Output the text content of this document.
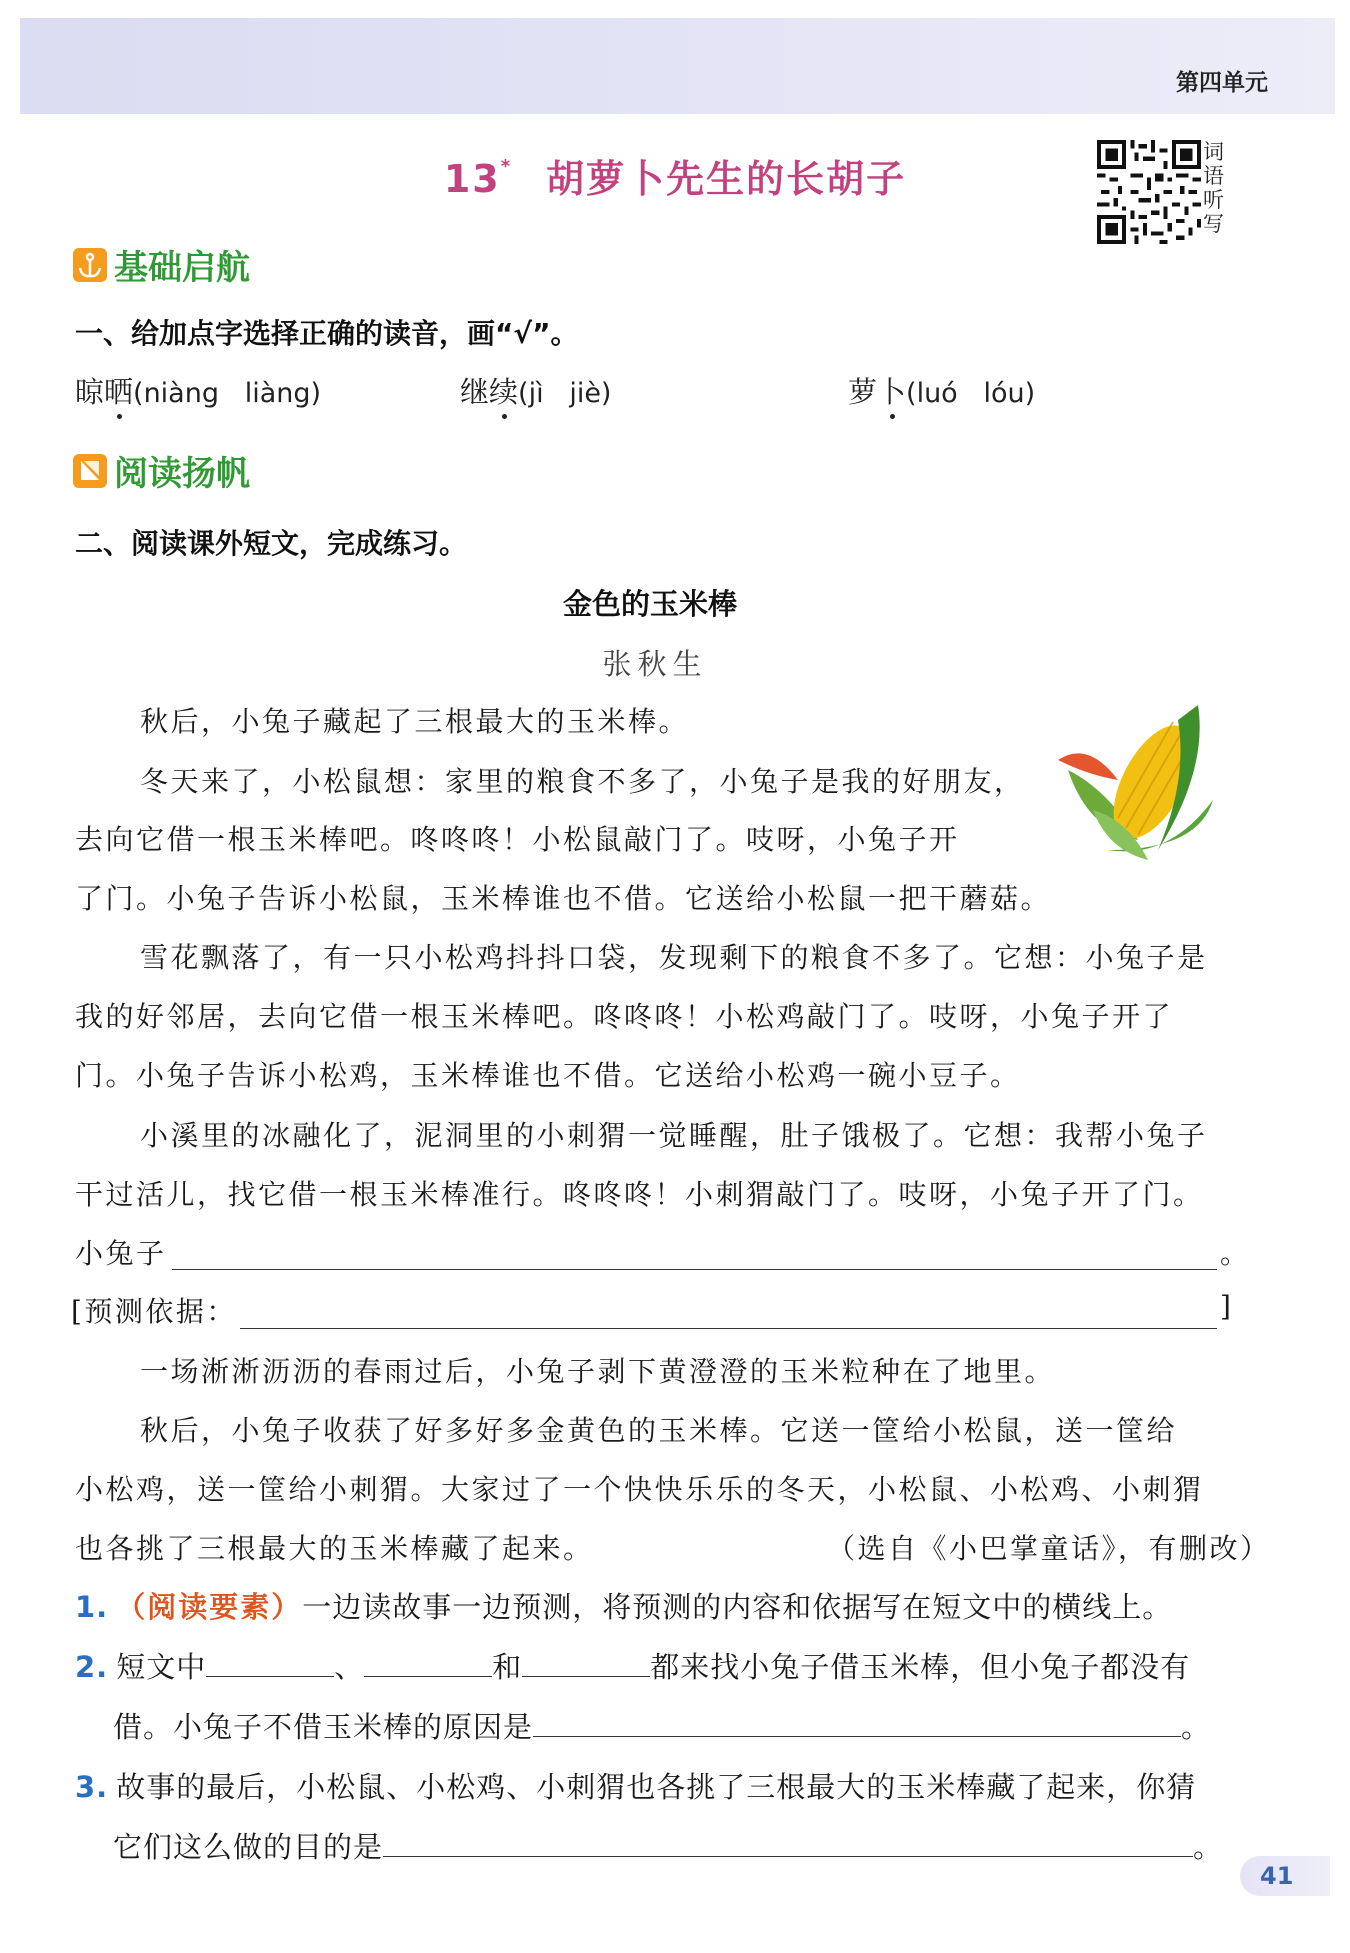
第四单元
13* 胡萝卜先生的长胡子
词语听写
基础启航
一、给加点字选择正确的读音，画“√”。
晾晒(niàng   liàng)	继续(jì   jiè)	萝卜(luó   lóu)
阅读扬帆
二、阅读课外短文，完成练习。
金色的玉米棒
张秋生
秋后，小兔子藏起了三根最大的玉米棒。
冬天来了，小松鼠想：家里的粮食不多了，小兔子是我的好朋友，
去向它借一根玉米棒吧。咚咚咚！小松鼠敲门了。吱呀，小兔子开
了门。小兔子告诉小松鼠，玉米棒谁也不借。它送给小松鼠一把干蘑菇。
雪花飘落了，有一只小松鸡抖抖口袋，发现剩下的粮食不多了。它想：小兔子是
我的好邻居，去向它借一根玉米棒吧。咚咚咚！小松鸡敲门了。吱呀，小兔子开了
门。小兔子告诉小松鸡，玉米棒谁也不借。它送给小松鸡一碗小豆子。
小溪里的冰融化了，泥洞里的小刺猬一觉睡醒，肚子饿极了。它想：我帮小兔子
干过活儿，找它借一根玉米棒准行。咚咚咚！小刺猬敲门了。吱呀，小兔子开了门。
小兔子	。
[预测依据：	]
一场淅淅沥沥的春雨过后，小兔子剥下黄澄澄的玉米粒种在了地里。
秋后，小兔子收获了好多好多金黄色的玉米棒。它送一筐给小松鼠，送一筐给
小松鸡，送一筐给小刺猬。大家过了一个快快乐乐的冬天，小松鼠、小松鸡、小刺猬
也各挑了三根最大的玉米棒藏了起来。	（选自《小巴掌童话》，有删改）
1. （阅读要素）一边读故事一边预测，将预测的内容和依据写在短文中的横线上。
2. 短文中	、	和	都来找小兔子借玉米棒，但小兔子都没有
借。小兔子不借玉米棒的原因是	。
3. 故事的最后，小松鼠、小松鸡、小刺猬也各挑了三根最大的玉米棒藏了起来，你猜
它们这么做的目的是	。
41
